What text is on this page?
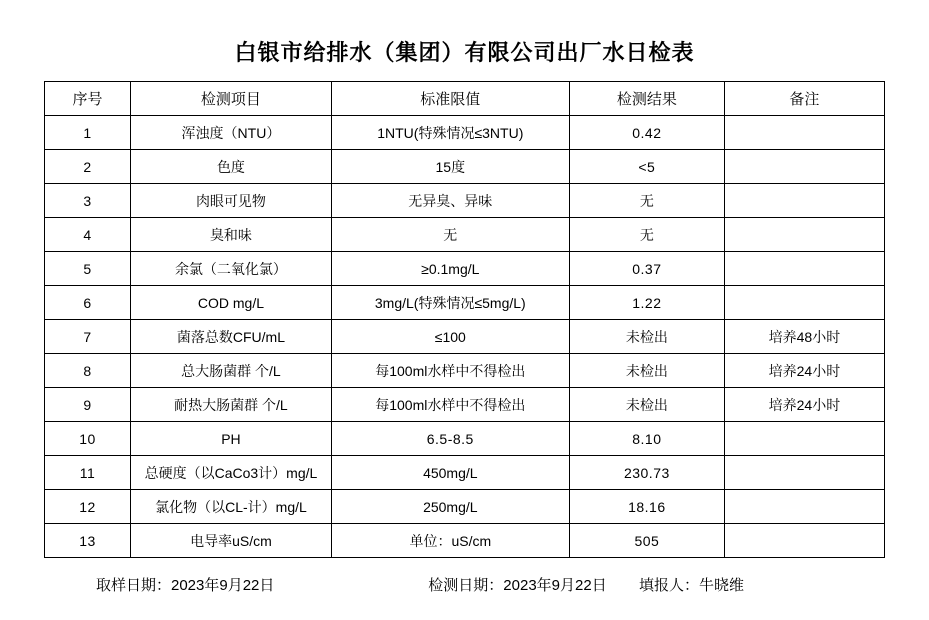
白银市给排水（集团）有限公司出厂水日检表
序号	检测项目	标准限值	检测结果	备注
1	浑浊度（NTU）	1NTU(特殊情况≤3NTU)	0.42	
2	色度	15度	<5	
3	肉眼可见物	无异臭、异味	无	
4	臭和味	无	无	
5	余氯（二氧化氯）	≥0.1mg/L	0.37	
6	COD mg/L	3mg/L(特殊情况≤5mg/L)	1.22	
7	菌落总数CFU/mL	≤100	未检出	培养48小时
8	总大肠菌群 个/L	每100ml水样中不得检出	未检出	培养24小时
9	耐热大肠菌群 个/L	每100ml水样中不得检出	未检出	培养24小时
10	PH	6.5-8.5	8.10	
11	总硬度（以CaCo3计）mg/L	450mg/L	230.73	
12	氯化物（以CL-计）mg/L	250mg/L	18.16	
13	电导率uS/cm	单位：uS/cm	505	
取样日期：2023年9月22日	检测日期：2023年9月22日	填报人：牛晓维
